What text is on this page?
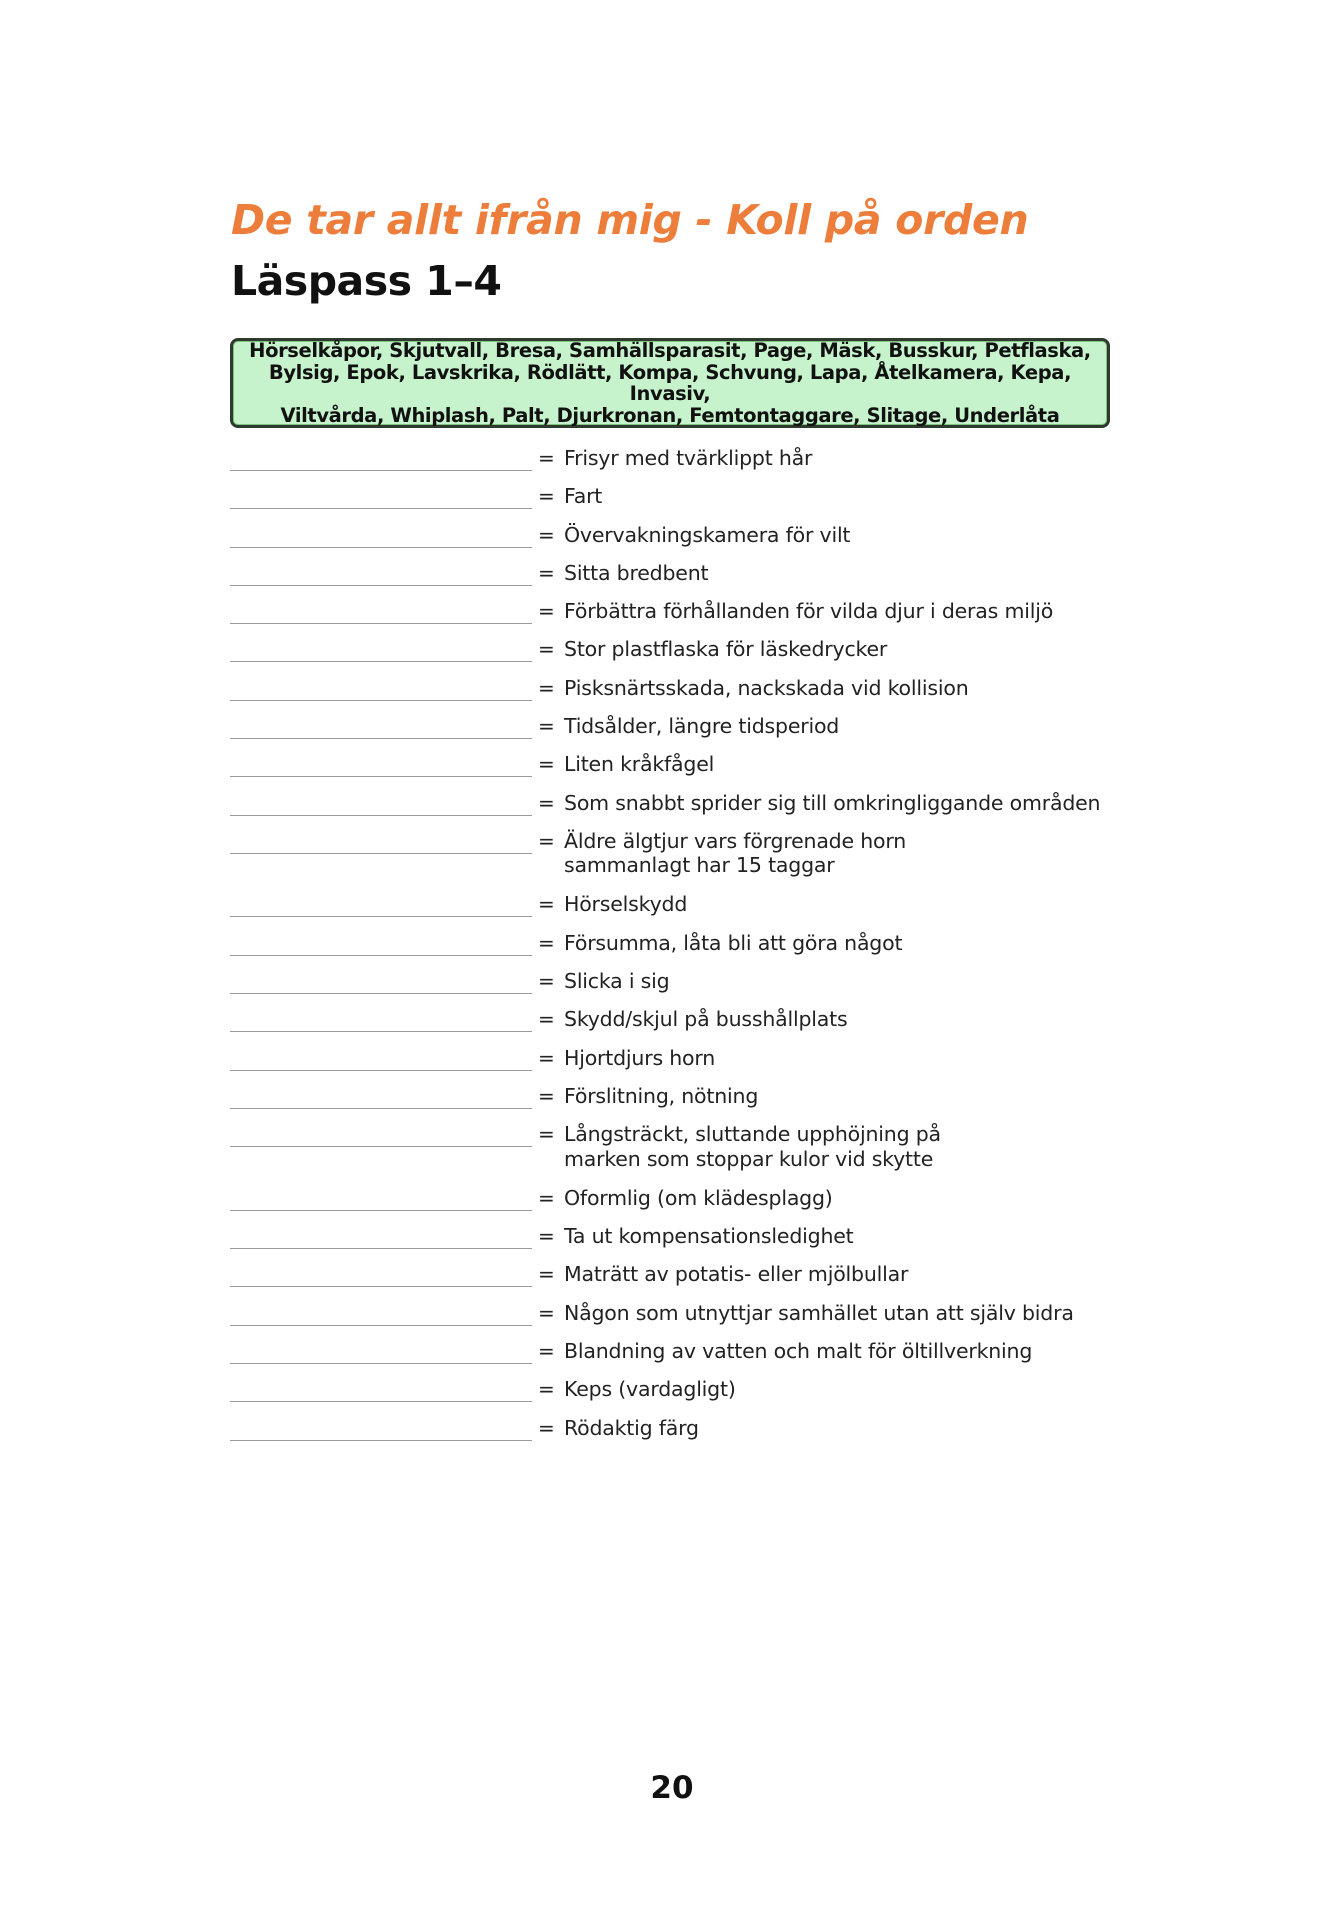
De tar allt ifrån mig - Koll på orden
Läspass 1–4
Hörselkåpor, Skjutvall, Bresa, Samhällsparasit, Page, Mäsk, Busskur, Petflaska,
Bylsig, Epok, Lavskrika, Rödlätt, Kompa, Schvung, Lapa, Åtelkamera, Kepa, Invasiv,
Viltvårda, Whiplash, Palt, Djurkronan, Femtontaggare, Slitage, Underlåta
= Frisyr med tvärklippt hår
= Fart
= Övervakningskamera för vilt
= Sitta bredbent
= Förbättra förhållanden för vilda djur i deras miljö
= Stor plastflaska för läskedrycker
= Pisksnärtsskada, nackskada vid kollision
= Tidsålder, längre tidsperiod
= Liten kråkfågel
= Som snabbt sprider sig till omkringliggande områden
= Äldre älgtjur vars förgrenade horn sammanlagt har 15 taggar
= Hörselskydd
= Försumma, låta bli att göra något
= Slicka i sig
= Skydd/skjul på busshållplats
= Hjortdjurs horn
= Förslitning, nötning
= Långsträckt, sluttande upphöjning på marken som stoppar kulor vid skytte
= Oformlig (om klädesplagg)
= Ta ut kompensationsledighet
= Maträtt av potatis- eller mjölbullar
= Någon som utnyttjar samhället utan att själv bidra
= Blandning av vatten och malt för öltillverkning
= Keps (vardagligt)
= Rödaktig färg
20
